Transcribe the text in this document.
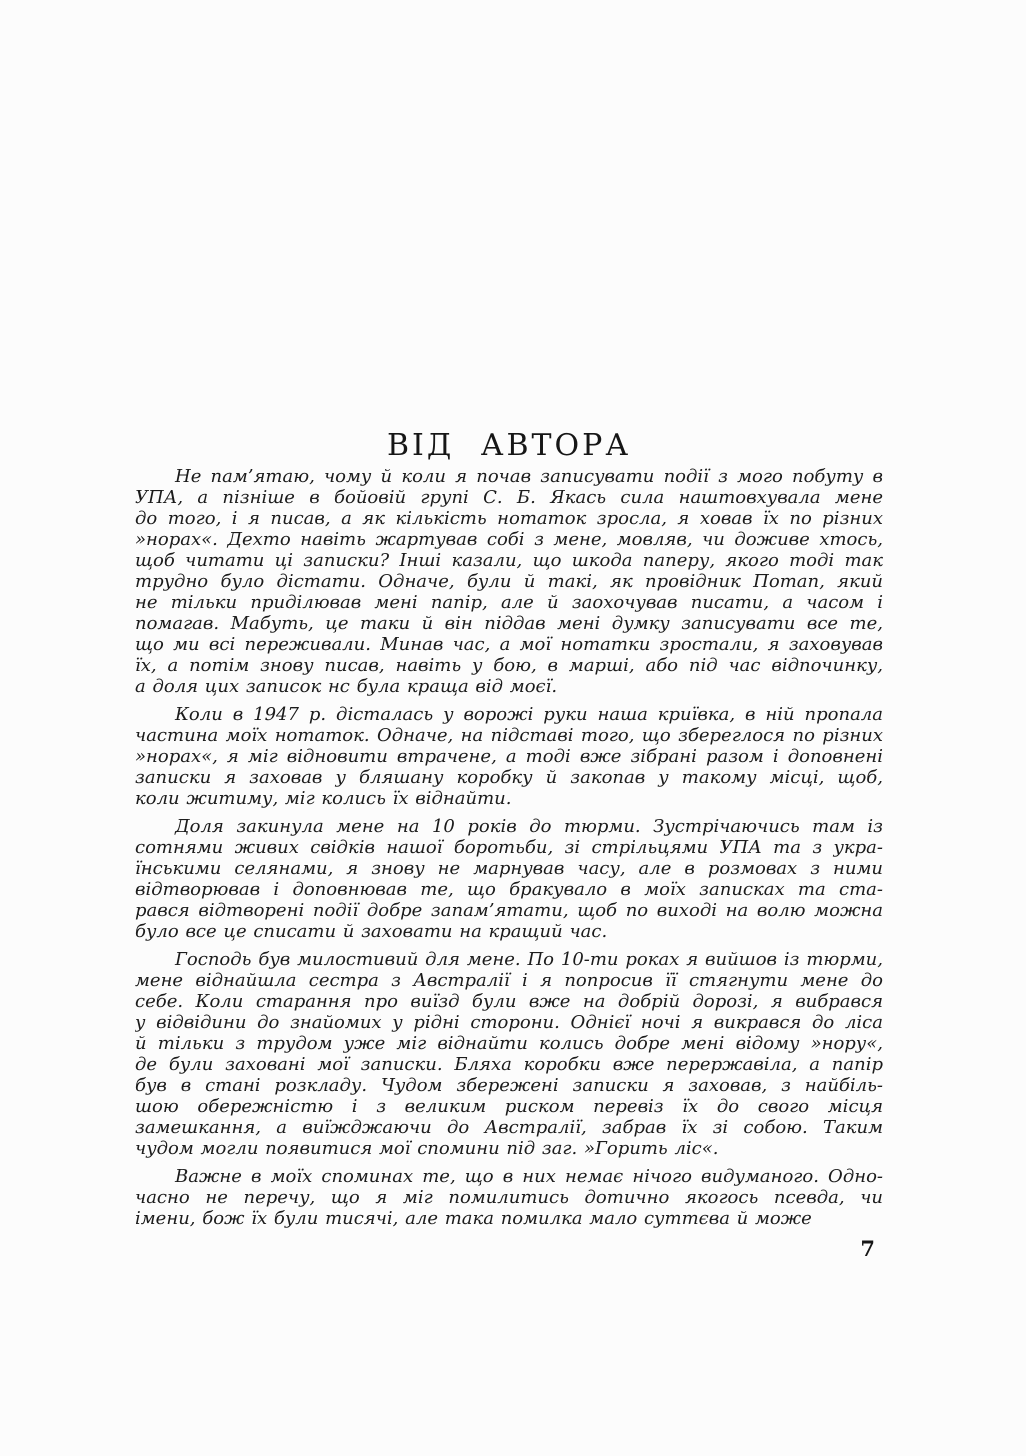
ВІД АВТОРА
Не пам’ятаю, чому й коли я почав записувати події з мого побуту в
УПА, а пізніше в бойовій групі С. Б. Якась сила наштовхувала мене
до того, і я писав, а як кількість нотаток зросла, я ховав їх по різних
»норах«. Дехто навіть жартував собі з мене, мовляв, чи доживе хтось,
щоб читати ці записки? Інші казали, що шкода паперу, якого тоді так
трудно було дістати. Одначе, були й такі, як провідник Потап, який
не тільки приділював мені папір, але й заохочував писати, а часом і
помагав. Мабуть, це таки й він піддав мені думку записувати все те,
що ми всі переживали. Минав час, а мої нотатки зростали, я заховував
їх, а потім знову писав, навіть у бою, в марші, або під час відпочинку,
а доля цих записок нс була краща від моєї.
Коли в 1947 р. дісталась у ворожі руки наша криївка, в ній пропала
частина моїх нотаток. Одначе, на підставі того, що збереглося по різних
»норах«, я міг відновити втрачене, а тоді вже зібрані разом і доповнені
записки я заховав у бляшану коробку й закопав у такому місці, щоб,
коли житиму, міг колись їх віднайти.
Доля закинула мене на 10 років до тюрми. Зустрічаючись там із
сотнями живих свідків нашої боротьби, зі стрільцями УПА та з укра-
їнськими селянами, я знову не марнував часу, але в розмовах з ними
відтворював і доповнював те, що бракувало в моїх записках та ста-
рався відтворені події добре запам’ятати, щоб по виході на волю можна
було все це списати й заховати на кращий час.
Господь був милостивий для мене. По 10-ти роках я вийшов із тюрми,
мене віднайшла сестра з Австралії і я попросив її стягнути мене до
себе. Коли старання про виїзд були вже на добрій дорозі, я вибрався
у відвідини до знайомих у рідні сторони. Однієї ночі я викрався до ліса
й тільки з трудом уже міг віднайти колись добре мені відому »нору«,
де були заховані мої записки. Бляха коробки вже перержавіла, а папір
був в стані розкладу. Чудом збережені записки я заховав, з найбіль-
шою обережністю і з великим риском перевіз їх до свого місця
замешкання, а виїжджаючи до Австралії, забрав їх зі собою. Таким
чудом могли появитися мої спомини під заг. »Горить ліс«.
Важне в моїх споминах те, що в них немає нічого видуманого. Одно-
часно не перечу, що я міг помилитись дотично якогось псевда, чи
імени, бож їх були тисячі, але така помилка мало суттєва й може
7
